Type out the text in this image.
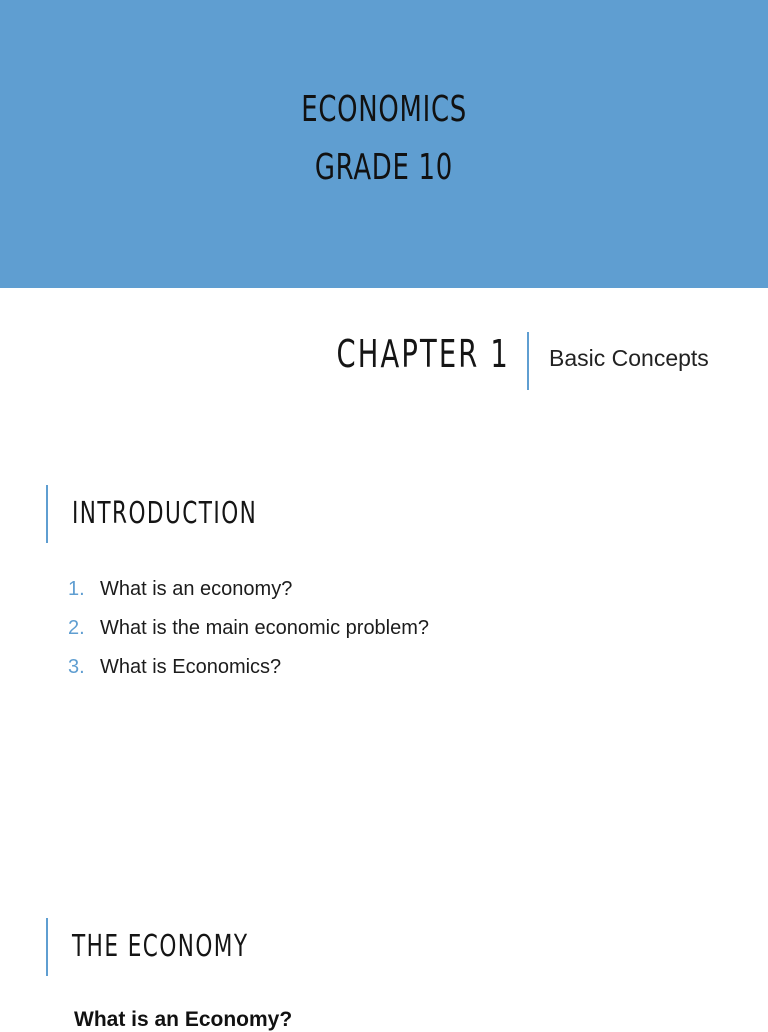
ECONOMICS
GRADE 10
CHAPTER 1 Basic Concepts
INTRODUCTION
1. What is an economy?
2. What is the main economic problem?
3. What is Economics?
THE ECONOMY
What is an Economy?
